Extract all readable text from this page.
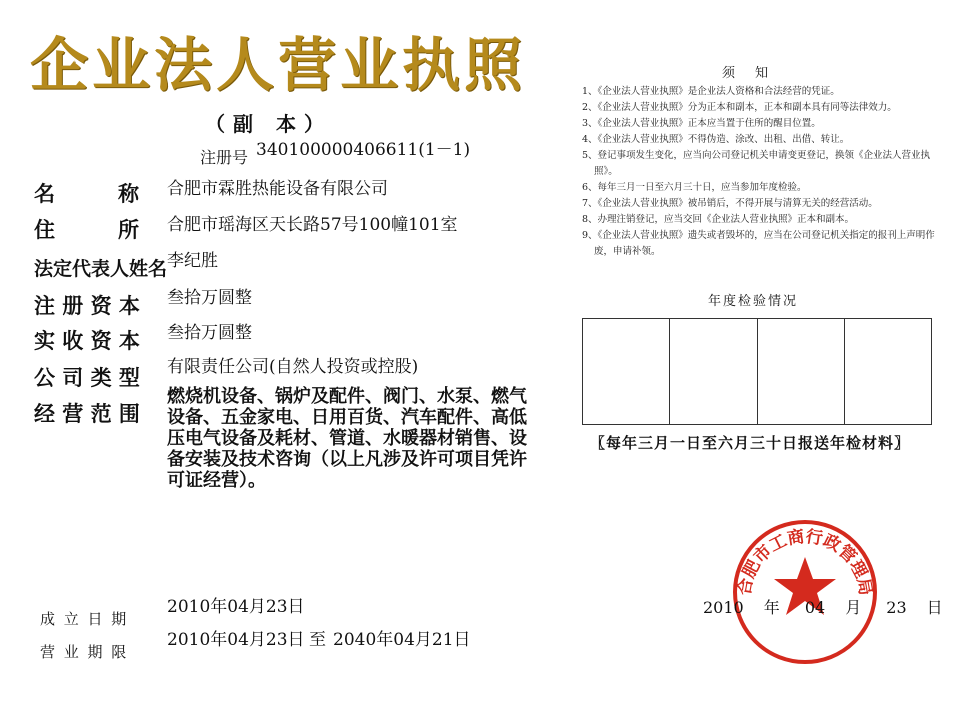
企业法人营业执照
（副 本）
注册号 340100000406611(1－1)
名　　　称 合肥市霖胜热能设备有限公司
住　　　所 合肥市瑶海区天长路57号100幢101室
法定代表人姓名 李纪胜
注 册 资 本 叁拾万圆整
实 收 资 本 叁拾万圆整
公 司 类 型 有限责任公司(自然人投资或控股)
经 营 范 围
燃烧机设备、锅炉及配件、阀门、水泵、燃气设备、五金家电、日用百货、汽车配件、高低压电气设备及耗材、管道、水暖器材销售、设备安装及技术咨询（以上凡涉及许可项目凭许可证经营）。
成 立 日 期
2010年04月23日
营 业 期 限
2010年04月23日 至 2040年04月21日
须知
1、《企业法人营业执照》是企业法人资格和合法经营的凭证。
2、《企业法人营业执照》分为正本和副本，正本和副本具有同等法律效力。
3、《企业法人营业执照》正本应当置于住所的醒目位置。
4、《企业法人营业执照》不得伪造、涂改、出租、出借、转让。
5、登记事项发生变化，应当向公司登记机关申请变更登记，换领《企业法人营业执照》。
6、每年三月一日至六月三十日，应当参加年度检验。
7、《企业法人营业执照》被吊销后，不得开展与清算无关的经营活动。
8、办理注销登记，应当交回《企业法人营业执照》正本和副本。
9、《企业法人营业执照》遗失或者毁坏的，应当在公司登记机关指定的报刊上声明作废，申请补领。
年度检验情况
〖每年三月一日至六月三十日报送年检材料〗
合肥市工商行政管理局
2010 年 04 月 23 日
